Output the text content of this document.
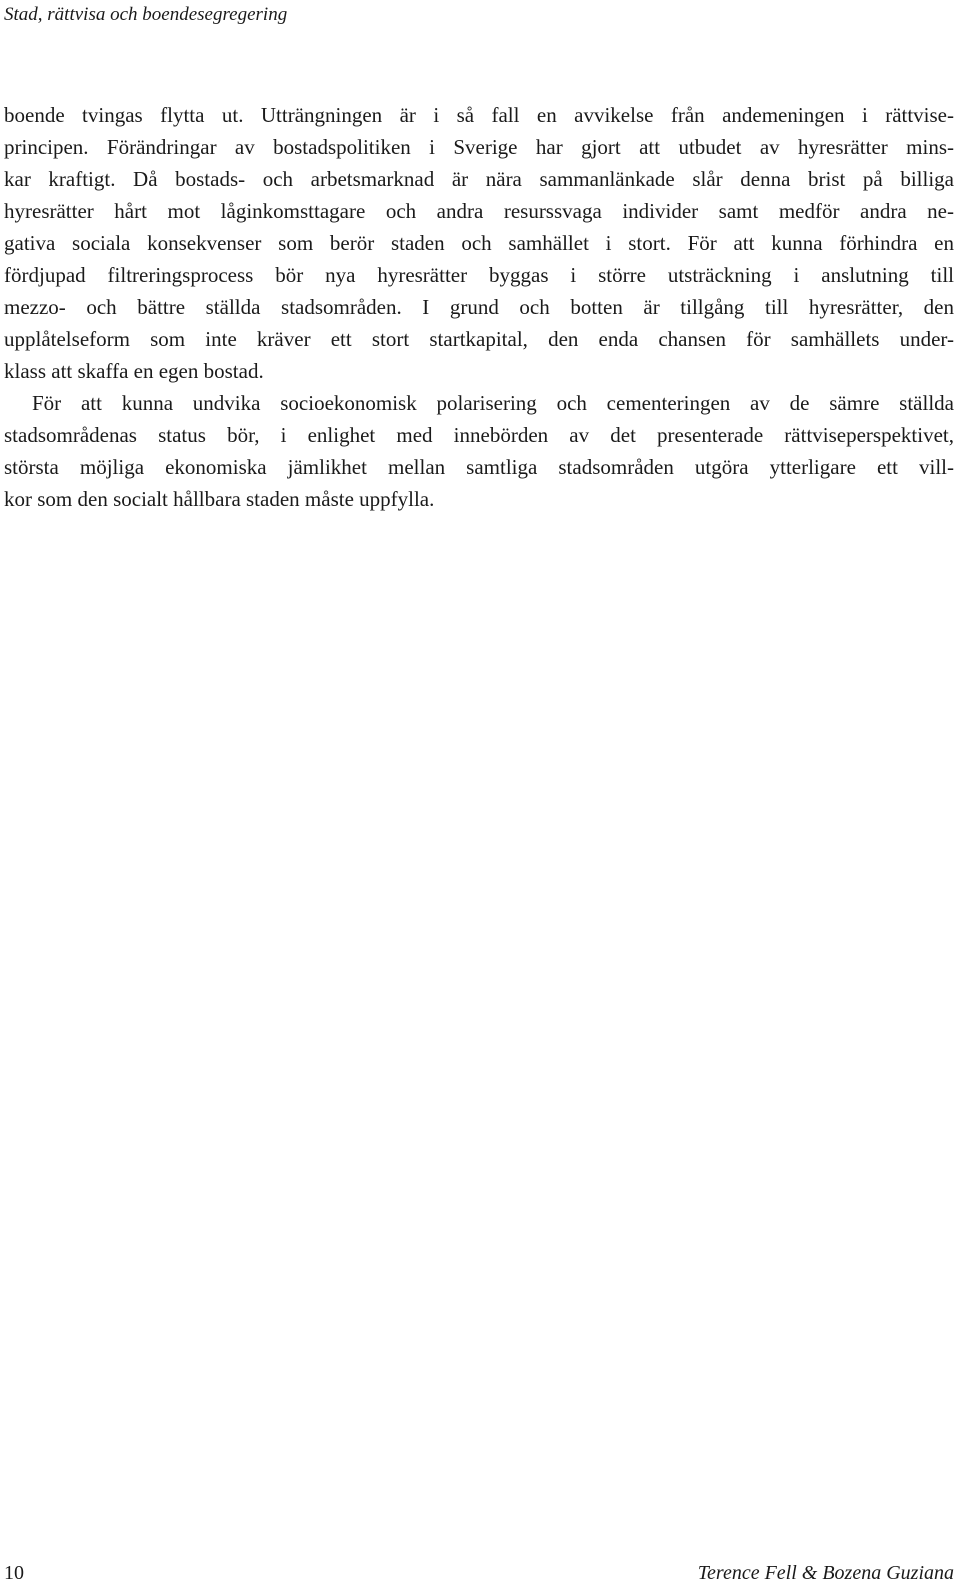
Stad, rättvisa och boendesegregering
boende tvingas flytta ut. Utträngningen är i så fall en avvikelse från andemeningen i rättvise-
principen. Förändringar av bostadspolitiken i Sverige har gjort att utbudet av hyresrätter mins-
kar kraftigt. Då bostads- och arbetsmarknad är nära sammanlänkade slår denna brist på billiga
hyresrätter hårt mot låginkomsttagare och andra resurssvaga individer samt medför andra ne-
gativa sociala konsekvenser som berör staden och samhället i stort. För att kunna förhindra en
fördjupad filtreringsprocess bör nya hyresrätter byggas i större utsträckning i anslutning till
mezzo- och bättre ställda stadsområden. I grund och botten är tillgång till hyresrätter, den
upplåtelseform som inte kräver ett stort startkapital, den enda chansen för samhällets under-
klass att skaffa en egen bostad.
För att kunna undvika socioekonomisk polarisering och cementeringen av de sämre ställda
stadsområdenas status bör, i enlighet med innebörden av det presenterade rättviseperspektivet,
största möjliga ekonomiska jämlikhet mellan samtliga stadsområden utgöra ytterligare ett vill-
kor som den socialt hållbara staden måste uppfylla.
10	Terence Fell & Bozena Guziana
